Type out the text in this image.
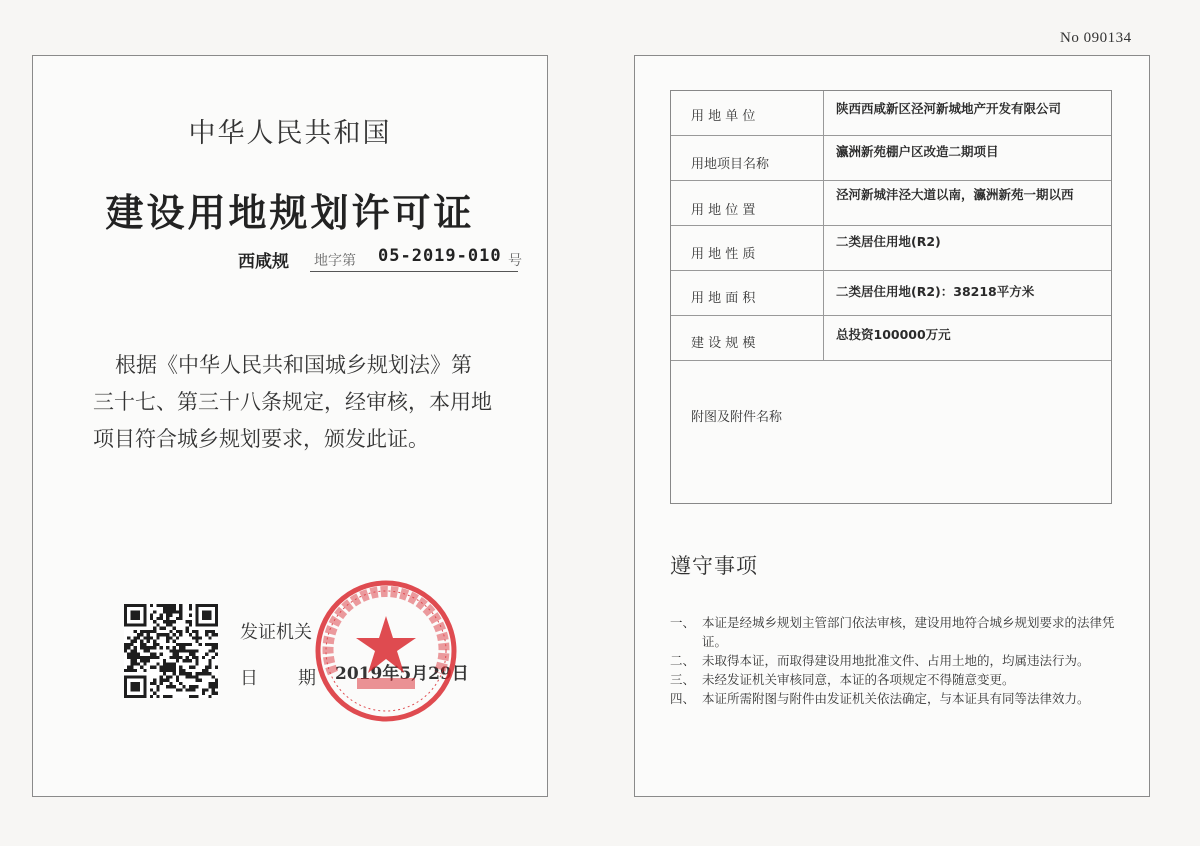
No 090134
中华人民共和国
建设用地规划许可证
西咸规 地字第 05-2019-010 号

根据《中华人民共和国城乡规划法》第
三十七、第三十八条规定，经审核，本用地
项目符合城乡规划要求，颁发此证。

发证机关
日 期 2019年5月29日
用 地 单 位
陕西西咸新区泾河新城地产开发有限公司
用地项目名称
瀛洲新苑棚户区改造二期项目
用 地 位 置
泾河新城沣泾大道以南，瀛洲新苑一期以西
用 地 性 质
二类居住用地(R2)
用 地 面 积	二类居住用地(R2)：38218平方米
建 设 规 模
总投资100000万元
附图及附件名称
遵守事项
一、 本证是经城乡规划主管部门依法审核，建设用地符合城乡规划要求的法律凭证。
二、 未取得本证，而取得建设用地批准文件、占用土地的，均属违法行为。
三、 未经发证机关审核同意，本证的各项规定不得随意变更。
四、 本证所需附图与附件由发证机关依法确定，与本证具有同等法律效力。
